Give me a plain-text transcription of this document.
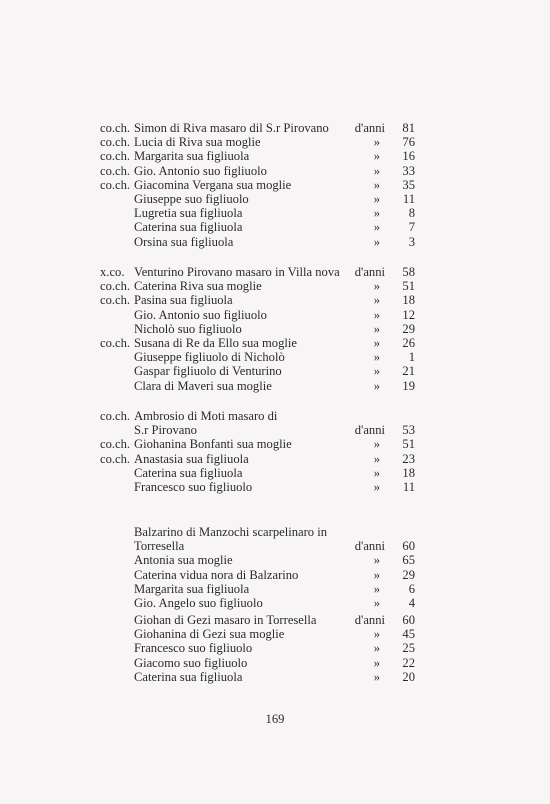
co.ch. Simon di Riva masaro dil S.r Pirovano d'anni	81
co.ch. Lucia di Riva sua moglie	»	76
co.ch. Margarita sua figliuola	»	16
co.ch. Gio. Antonio suo figliuolo	»	33
co.ch. Giacomina Vergana sua moglie	»	35
Giuseppe suo figliuolo	»	11
Lugretia sua figliuola	»	8
Caterina sua figliuola	»	7
Orsina sua figliuola	»	3
x.co. Venturino Pirovano masaro in Villa nova d'anni	58
co.ch. Caterina Riva sua moglie	»	51
co.ch. Pasina sua figliuola	»	18
Gio. Antonio suo figliuolo	»	12
Nicholò suo figliuolo	»	29
co.ch. Susana di Re da Ello sua moglie	»	26
Giuseppe figliuolo di Nicholò	»	1
Gaspar figliuolo di Venturino	»	21
Clara di Maveri sua moglie	»	19
co.ch. Ambrosio di Moti masaro di
S.r Pirovano	d'anni	53
co.ch. Giohanina Bonfanti sua moglie	»	51
co.ch. Anastasia sua figliuola	»	23
Caterina sua figliuola	»	18
Francesco suo figliuolo	»	11
Balzarino di Manzochi scarpelinaro in
Torresella	d'anni	60
Antonia sua moglie	»	65
Caterina vidua nora di Balzarino	»	29
Margarita sua figliuola	»	6
Gio. Angelo suo figliuolo	»	4
Giohan di Gezi masaro in Torresella	d'anni	60
Giohanina di Gezi sua moglie	»	45
Francesco suo figliuolo	»	25
Giacomo suo figliuolo	»	22
Caterina sua figliuola	»	20
169
